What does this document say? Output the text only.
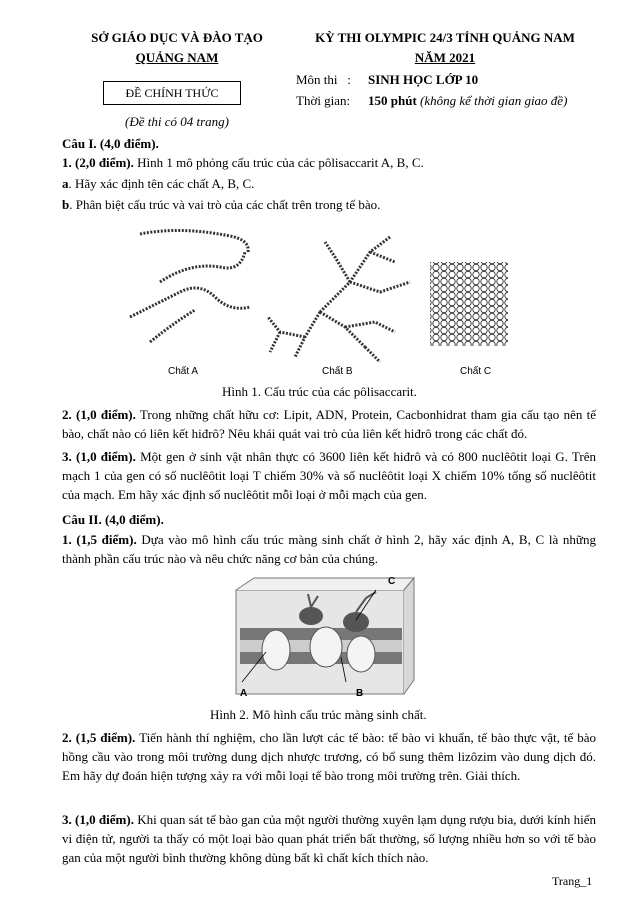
SỞ GIÁO DỤC VÀ ĐÀO TẠO
QUẢNG NAM
ĐỀ CHÍNH THỨC
(Đề thi có 04 trang)
KỲ THI OLYMPIC 24/3 TỈNH QUẢNG NAM
NĂM 2021
Môn thi   : SINH HỌC LỚP 10
Thời gian: 150 phút (không kể thời gian giao đề)
Câu I. (4,0 điểm).
1. (2,0 điểm). Hình 1 mô phỏng cấu trúc của các pôlisaccarit A, B, C.
a. Hãy xác định tên các chất A, B, C.
b. Phân biệt cấu trúc và vai trò của các chất trên trong tế bào.
Chất A	Chất B	Chất C
Hình 1. Cấu trúc của các pôlisaccarit.
2. (1,0 điểm). Trong những chất hữu cơ: Lipit, ADN, Protein, Cacbonhidrat tham gia cấu tạo nên tế bào, chất nào có liên kết hiđrô? Nêu khái quát vai trò của liên kết hiđrô trong các chất đó.
3. (1,0 điểm). Một gen ở sinh vật nhân thực có 3600 liên kết hiđrô và có 800 nuclêôtit loại G. Trên mạch 1 của gen có số nuclêôtit loại T chiếm 30% và số nuclêôtit loại X chiếm 10% tổng số nuclêôtit của mạch. Em hãy xác định số nuclêôtit mỗi loại ở mỗi mạch của gen.
Câu II. (4,0 điểm).
1. (1,5 điểm). Dựa vào mô hình cấu trúc màng sinh chất ở hình 2, hãy xác định A, B, C là những thành phần cấu trúc nào và nêu chức năng cơ bản của chúng.
C
A	B
Hình 2. Mô hình cấu trúc màng sinh chất.
2. (1,5 điểm). Tiến hành thí nghiệm, cho lần lượt các tế bào: tế bào vi khuẩn, tế bào thực vật, tế bào hồng cầu vào trong môi trường dung dịch nhược trương, có bổ sung thêm lizôzim vào dung dịch đó. Em hãy dự đoán hiện tượng xảy ra với mỗi loại tế bào trong môi trường trên. Giải thích.
3. (1,0 điểm). Khi quan sát tế bào gan của một người thường xuyên lạm dụng rượu bia, dưới kính hiển vi điện tử, người ta thấy có một loại bào quan phát triển bất thường, số lượng nhiều hơn so với tế bào gan của một người bình thường không dùng bất kì chất kích thích nào.
Trang_1
